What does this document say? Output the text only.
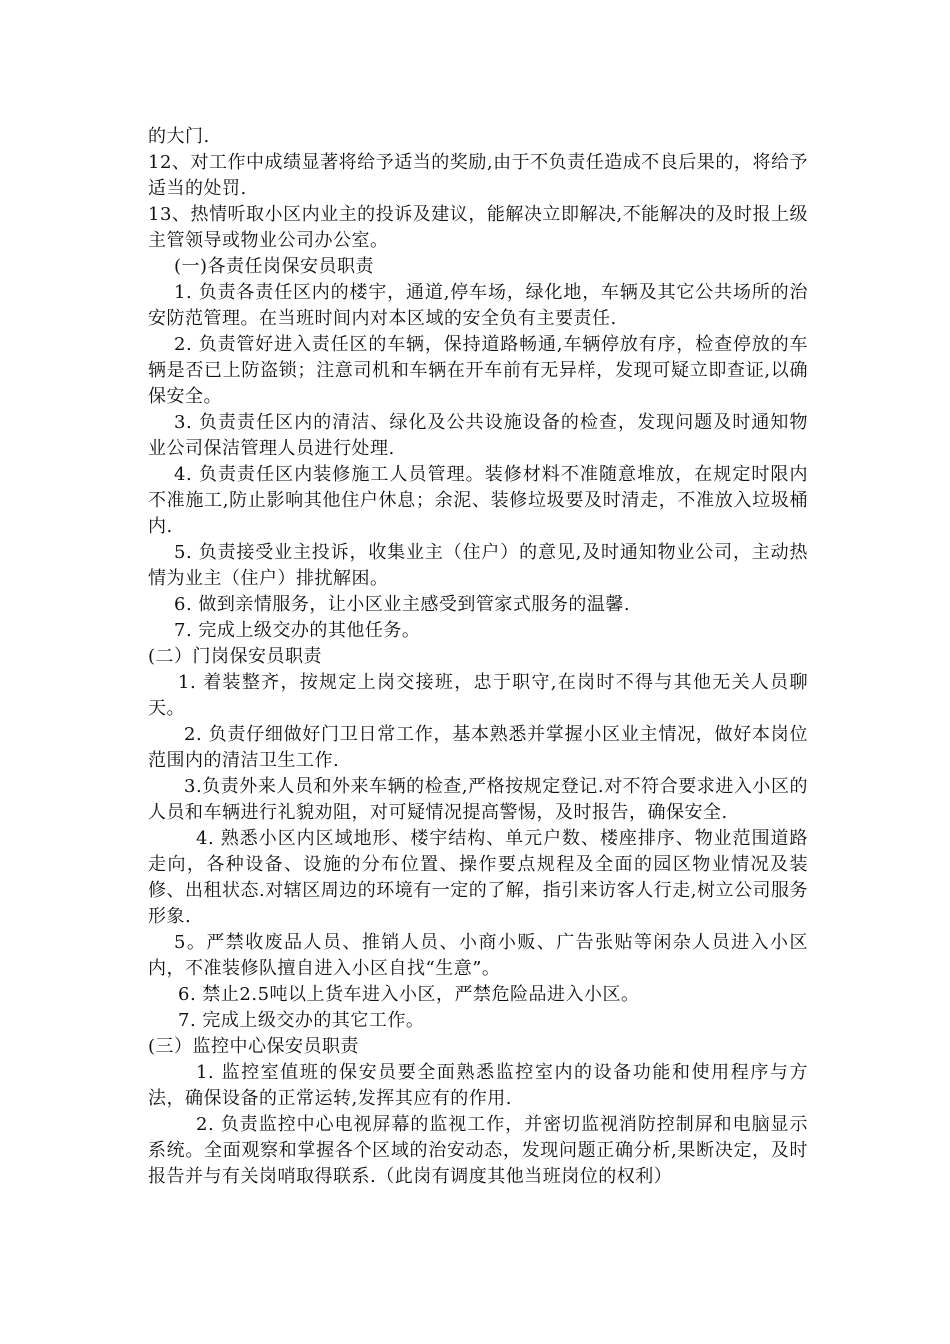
的大门.

12、对工作中成绩显著将给予适当的奖励,由于不负责任造成不良后果的，将给予适当的处罚.

13、热情听取小区内业主的投诉及建议，能解决立即解决,不能解决的及时报上级主管领导或物业公司办公室。

(一)各责任岗保安员职责

1. 负责各责任区内的楼宇，通道,停车场，绿化地，车辆及其它公共场所的治安防范管理。在当班时间内对本区域的安全负有主要责任.

2. 负责管好进入责任区的车辆，保持道路畅通,车辆停放有序，检查停放的车辆是否已上防盗锁；注意司机和车辆在开车前有无异样，发现可疑立即查证,以确保安全。

3. 负责责任区内的清洁、绿化及公共设施设备的检查，发现问题及时通知物业公司保洁管理人员进行处理.

4. 负责责任区内装修施工人员管理。装修材料不准随意堆放，在规定时限内不准施工,防止影响其他住户休息；余泥、装修垃圾要及时清走，不准放入垃圾桶内.

5. 负责接受业主投诉，收集业主（住户）的意见,及时通知物业公司，主动热情为业主（住户）排扰解困。

6. 做到亲情服务，让小区业主感受到管家式服务的温馨.

7. 完成上级交办的其他任务。

(二）门岗保安员职责

1. 着装整齐，按规定上岗交接班，忠于职守,在岗时不得与其他无关人员聊天。

2. 负责仔细做好门卫日常工作，基本熟悉并掌握小区业主情况，做好本岗位范围内的清洁卫生工作.

3.负责外来人员和外来车辆的检查,严格按规定登记.对不符合要求进入小区的人员和车辆进行礼貌劝阻，对可疑情况提高警惕，及时报告，确保安全.

4. 熟悉小区内区域地形、楼宇结构、单元户数、楼座排序、物业范围道路走向，各种设备、设施的分布位置、操作要点规程及全面的园区物业情况及装修、出租状态.对辖区周边的环境有一定的了解，指引来访客人行走,树立公司服务形象.

5。严禁收废品人员、推销人员、小商小贩、广告张贴等闲杂人员进入小区内，不准装修队擅自进入小区自找“生意”。

6. 禁止2.5吨以上货车进入小区，严禁危险品进入小区。

7. 完成上级交办的其它工作。

(三）监控中心保安员职责

1. 监控室值班的保安员要全面熟悉监控室内的设备功能和使用程序与方法，确保设备的正常运转,发挥其应有的作用.

2. 负责监控中心电视屏幕的监视工作，并密切监视消防控制屏和电脑显示系统。全面观察和掌握各个区域的治安动态，发现问题正确分析,果断决定，及时报告并与有关岗哨取得联系.（此岗有调度其他当班岗位的权利）
